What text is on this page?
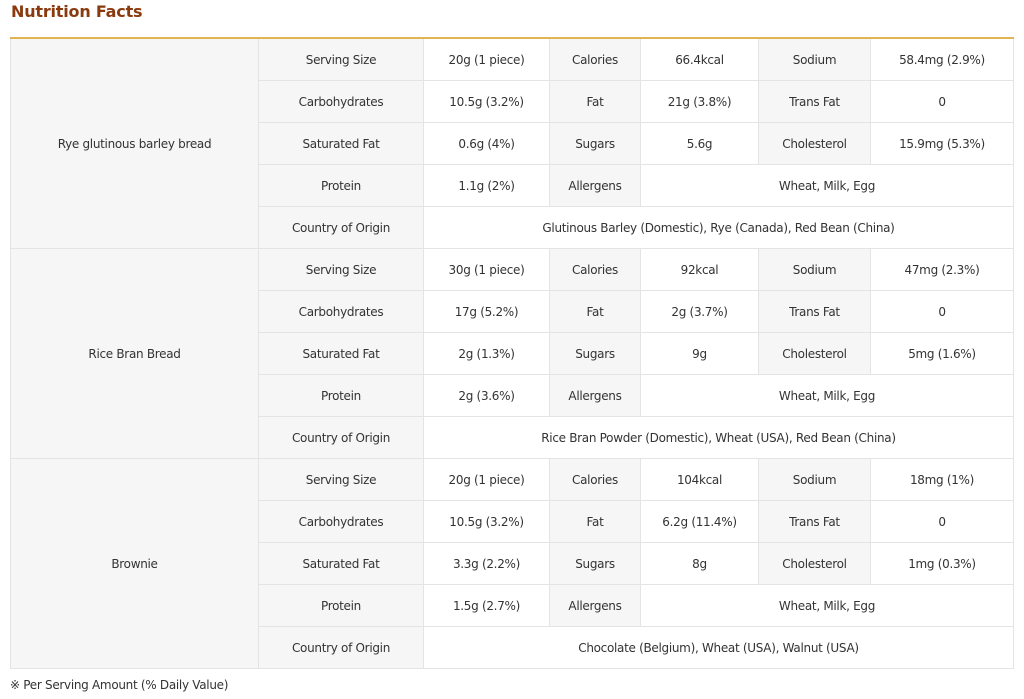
Nutrition Facts
Rye glutinous barley bread	Serving Size	20g (1 piece)	Calories	66.4kcal	Sodium	58.4mg (2.9%)
	Carbohydrates	10.5g (3.2%)	Fat	21g (3.8%)	Trans Fat	0
	Saturated Fat	0.6g (4%)	Sugars	5.6g	Cholesterol	15.9mg (5.3%)
	Protein	1.1g (2%)	Allergens	Wheat, Milk, Egg		
	Country of Origin	Glutinous Barley (Domestic), Rye (Canada), Red Bean (China)				
Rice Bran Bread	Serving Size	30g (1 piece)	Calories	92kcal	Sodium	47mg (2.3%)
	Carbohydrates	17g (5.2%)	Fat	2g (3.7%)	Trans Fat	0
	Saturated Fat	2g (1.3%)	Sugars	9g	Cholesterol	5mg (1.6%)
	Protein	2g (3.6%)	Allergens	Wheat, Milk, Egg		
	Country of Origin	Rice Bran Powder (Domestic), Wheat (USA), Red Bean (China)				
Brownie	Serving Size	20g (1 piece)	Calories	104kcal	Sodium	18mg (1%)
	Carbohydrates	10.5g (3.2%)	Fat	6.2g (11.4%)	Trans Fat	0
	Saturated Fat	3.3g (2.2%)	Sugars	8g	Cholesterol	1mg (0.3%)
	Protein	1.5g (2.7%)	Allergens	Wheat, Milk, Egg		
	Country of Origin	Chocolate (Belgium), Wheat (USA), Walnut (USA)				
※ Per Serving Amount (% Daily Value)
